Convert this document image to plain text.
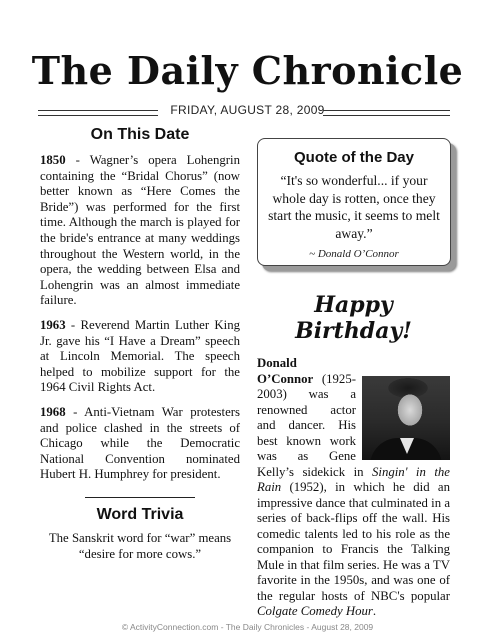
The Daily Chronicle
FRIDAY, AUGUST 28, 2009
On This Date

1850 - Wagner’s opera Lohengrin containing the “Bridal Chorus” (now better known as “Here Comes the Bride”) was performed for the first time. Although the march is played for the bride's entrance at many weddings throughout the Western world, in the opera, the wedding between Elsa and Lohengrin was an almost immediate failure.

1963 - Reverend Martin Luther King Jr. gave his “I Have a Dream” speech at Lincoln Memorial. The speech helped to mobilize support for the 1964 Civil Rights Act.

1968 - Anti-Vietnam War protesters and police clashed in the streets of Chicago while the Democratic National Convention nominated Hubert H. Humphrey for president.

Word Trivia

The Sanskrit word for “war” means “desire for more cows.”

Quote of the Day

“It's so wonderful... if your whole day is rotten, once they start the music, it seems to melt away.”

~ Donald O’Connor

Happy Birthday!
Donald O’Connor (1925-2003) was a renowned actor and dancer. His best known work was as Gene Kelly’s sidekick in Singin' in the Rain (1952), in which he did an impressive dance that culminated in a series of back-flips off the wall. His comedic talents led to his role as the companion to Francis the Talking Mule in that film series. He was a TV favorite in the 1950s, and was one of the regular hosts of NBC's popular Colgate Comedy Hour.
© ActivityConnection.com - The Daily Chronicles - August 28, 2009
